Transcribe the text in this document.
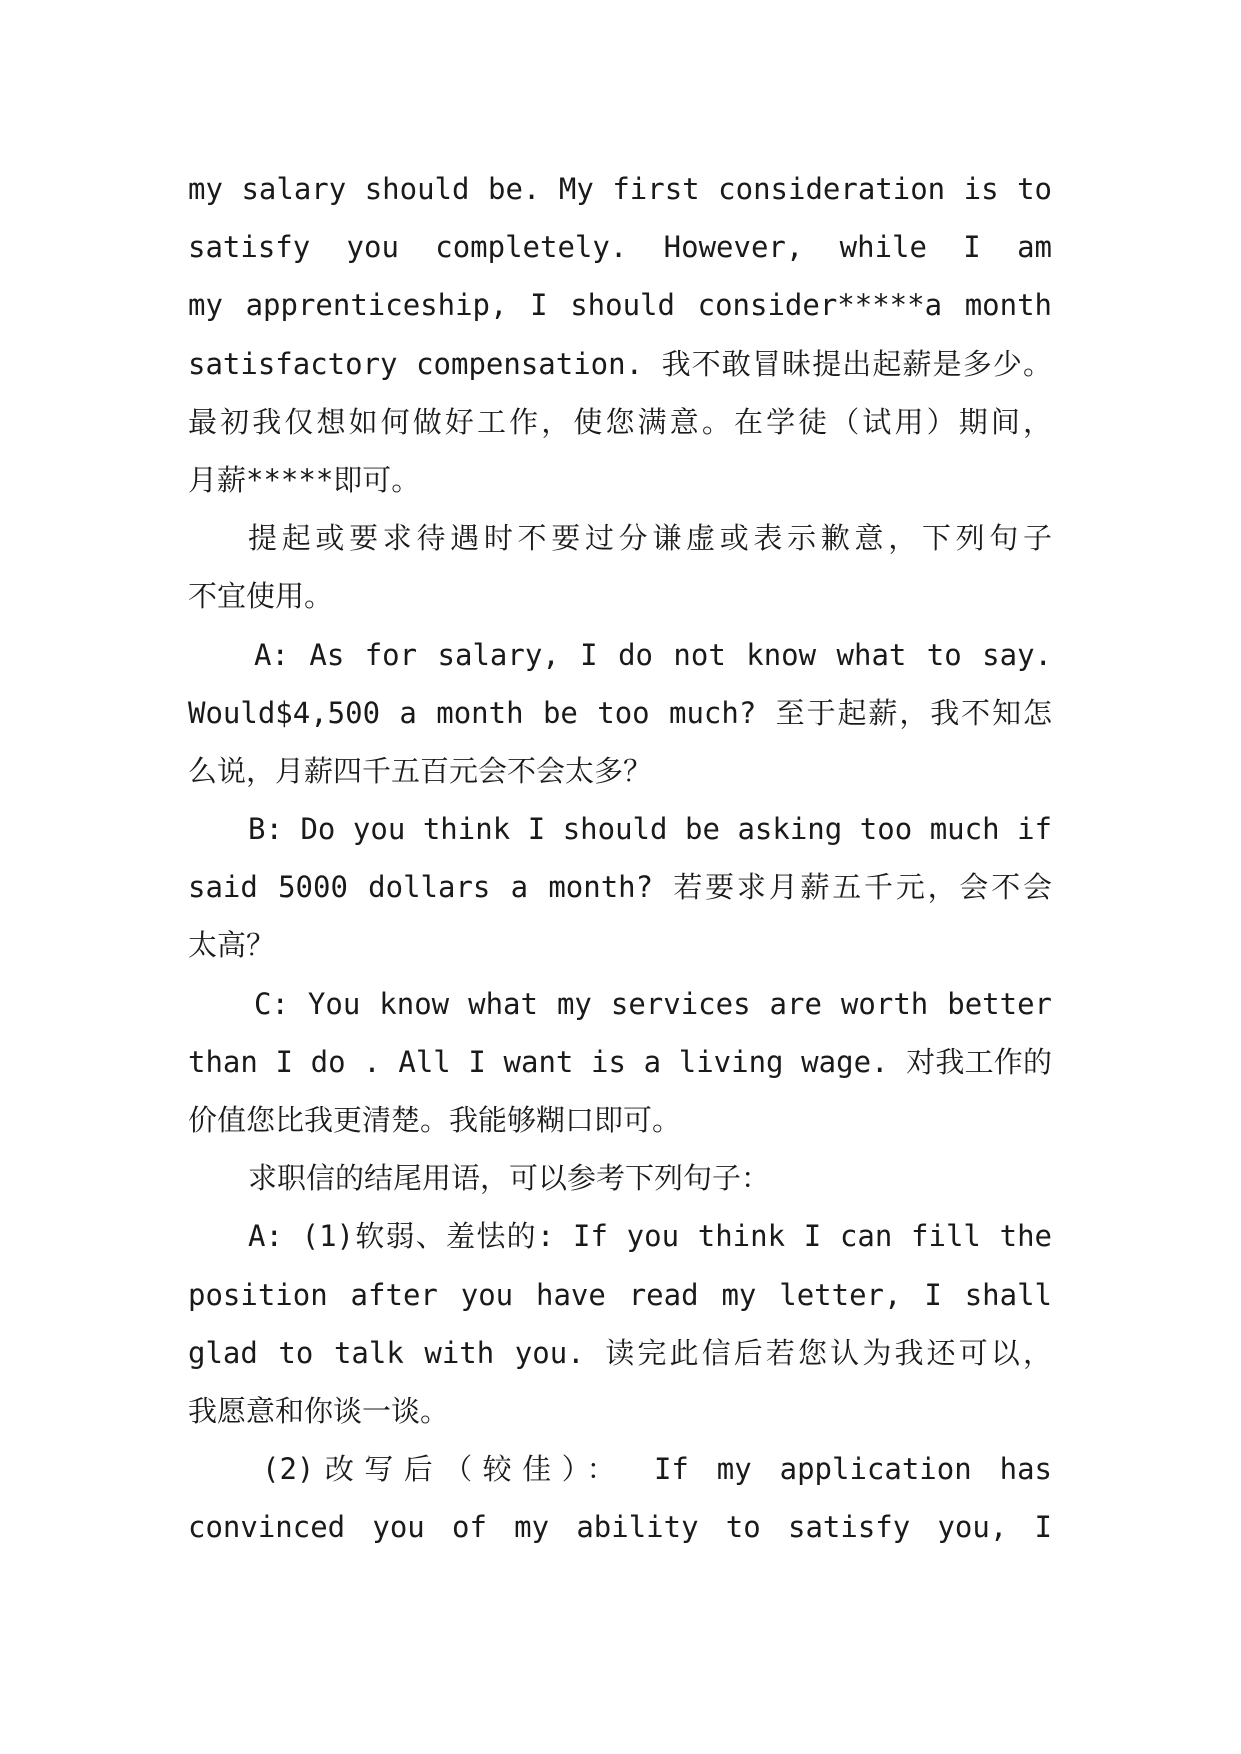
my salary should be. My first consideration is to
satisfy you completely. However, while I am
my apprenticeship, I should consider*****a month
satisfactory compensation. 我不敢冒昧提出起薪是多少。
最初我仅想如何做好工作，使您满意。在学徒（试用）期间，
月薪*****即可。
提起或要求待遇时不要过分谦虚或表示歉意，下列句子
不宜使用。
A: As for salary, I do not know what to say.
Would$4,500 a month be too much? 至于起薪，我不知怎
么说，月薪四千五百元会不会太多？
B: Do you think I should be asking too much if
said 5000 dollars a month? 若要求月薪五千元，会不会
太高？
C: You know what my services are worth better
than I do . All I want is a living wage. 对我工作的
价值您比我更清楚。我能够糊口即可。
求职信的结尾用语，可以参考下列句子：
A: (1)软弱、羞怯的: If you think I can fill the
position after you have read my letter, I shall
glad to talk with you. 读完此信后若您认为我还可以，
我愿意和你谈一谈。
(2)改写后（较佳）： If my application has
convinced you of my ability to satisfy you, I
